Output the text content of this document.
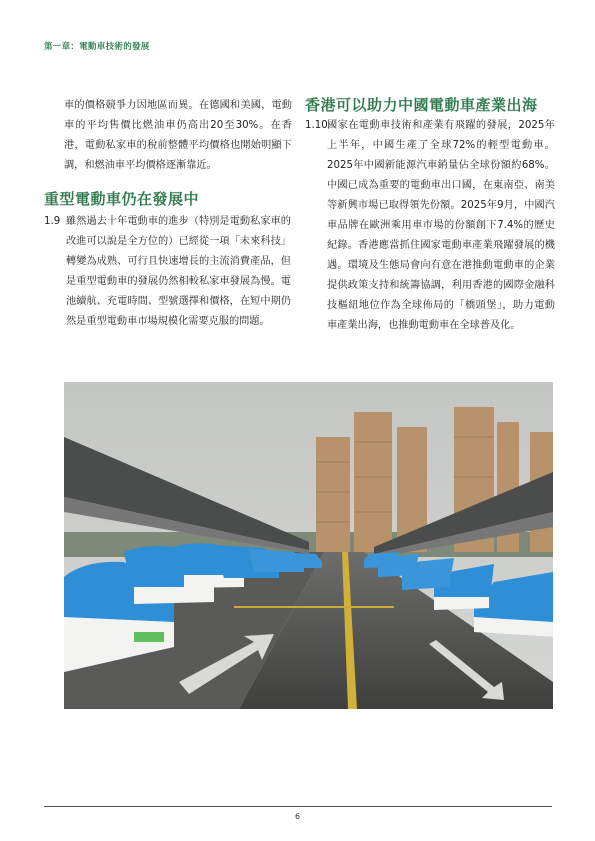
第一章：電動車技術的發展

車的價格競爭力因地區而異。在德國和美國，電動車的平均售價比燃油車仍高出20至30%。在香港，電動私家車的稅前整體平均價格也開始明顯下調，和燃油車平均價格逐漸靠近。

重型電動車仍在發展中
1.9 雖然過去十年電動車的進步（特別是電動私家車的改進可以說是全方位的）已經從一項「未來科技」轉變為成熟、可行且快速增長的主流消費產品，但是重型電動車的發展仍然相較私家車發展為慢。電池續航、充電時間、型號選擇和價格，在短中期仍然是重型電動車市場規模化需要克服的問題。
香港可以助力中國電動車產業出海
1.10 國家在電動車技術和產業有飛躍的發展，2025年上半年，中國生產了全球72%的輕型電動車。2025年中國新能源汽車銷量佔全球份額約68%。中國已成為重要的電動車出口國，在東南亞、南美等新興市場已取得領先份額。2025年9月，中國汽車品牌在歐洲乘用車市場的份額創下7.4%的歷史紀錄。香港應當抓住國家電動車產業飛躍發展的機遇。環境及生態局會向有意在港推動電動車的企業提供政策支持和統籌協調，利用香港的國際金融科技樞紐地位作為全球佈局的「橋頭堡」，助力電動車產業出海，也推動電動車在全球普及化。
6
